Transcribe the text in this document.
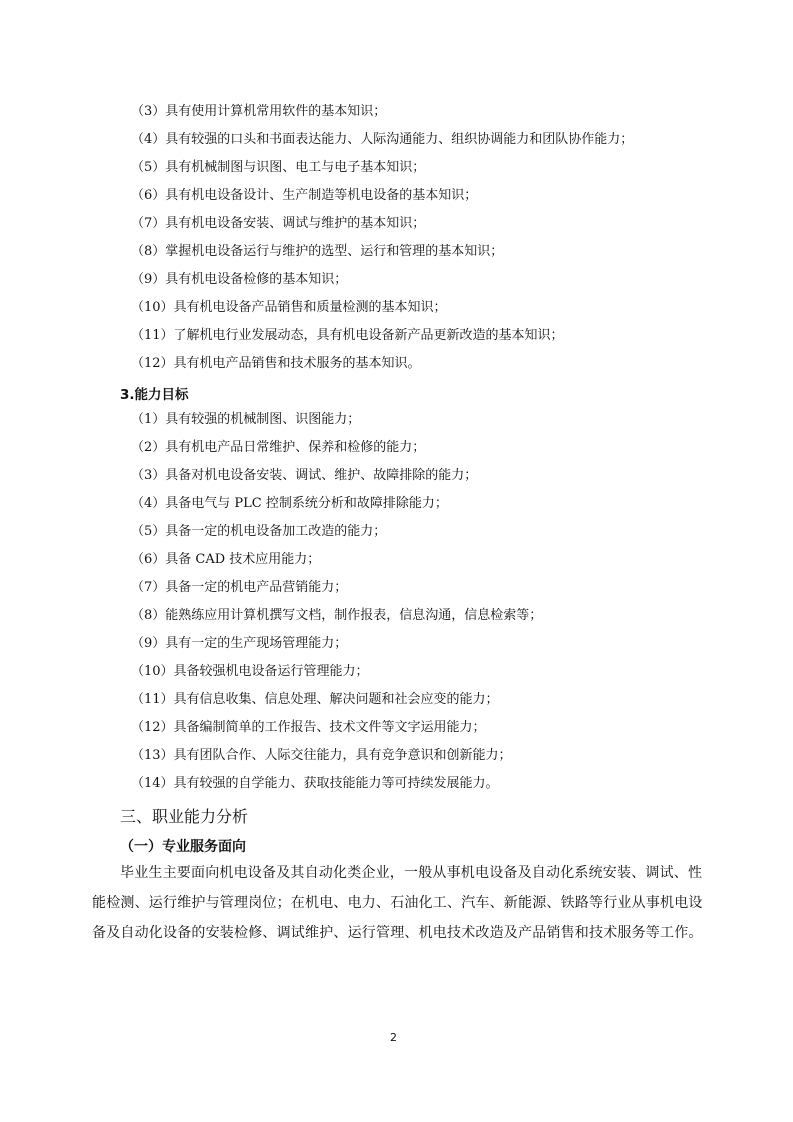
（3）具有使用计算机常用软件的基本知识；
（4）具有较强的口头和书面表达能力、人际沟通能力、组织协调能力和团队协作能力；
（5）具有机械制图与识图、电工与电子基本知识；
（6）具有机电设备设计、生产制造等机电设备的基本知识；
（7）具有机电设备安装、调试与维护的基本知识；
（8）掌握机电设备运行与维护的选型、运行和管理的基本知识；
（9）具有机电设备检修的基本知识；
（10）具有机电设备产品销售和质量检测的基本知识；
（11）了解机电行业发展动态，具有机电设备新产品更新改造的基本知识；
（12）具有机电产品销售和技术服务的基本知识。
3.能力目标
（1）具有较强的机械制图、识图能力；
（2）具有机电产品日常维护、保养和检修的能力；
（3）具备对机电设备安装、调试、维护、故障排除的能力；
（4）具备电气与 PLC 控制系统分析和故障排除能力；
（5）具备一定的机电设备加工改造的能力；
（6）具备 CAD 技术应用能力；
（7）具备一定的机电产品营销能力；
（8）能熟练应用计算机撰写文档，制作报表，信息沟通，信息检索等；
（9）具有一定的生产现场管理能力；
（10）具备较强机电设备运行管理能力；
（11）具有信息收集、信息处理、解决问题和社会应变的能力；
（12）具备编制简单的工作报告、技术文件等文字运用能力；
（13）具有团队合作、人际交往能力，具有竞争意识和创新能力；
（14）具有较强的自学能力、获取技能能力等可持续发展能力。
三、职业能力分析
（一）专业服务面向
毕业生主要面向机电设备及其自动化类企业，一般从事机电设备及自动化系统安装、调试、性
能检测、运行维护与管理岗位；在机电、电力、石油化工、汽车、新能源、铁路等行业从事机电设
备及自动化设备的安装检修、调试维护、运行管理、机电技术改造及产品销售和技术服务等工作。
2
